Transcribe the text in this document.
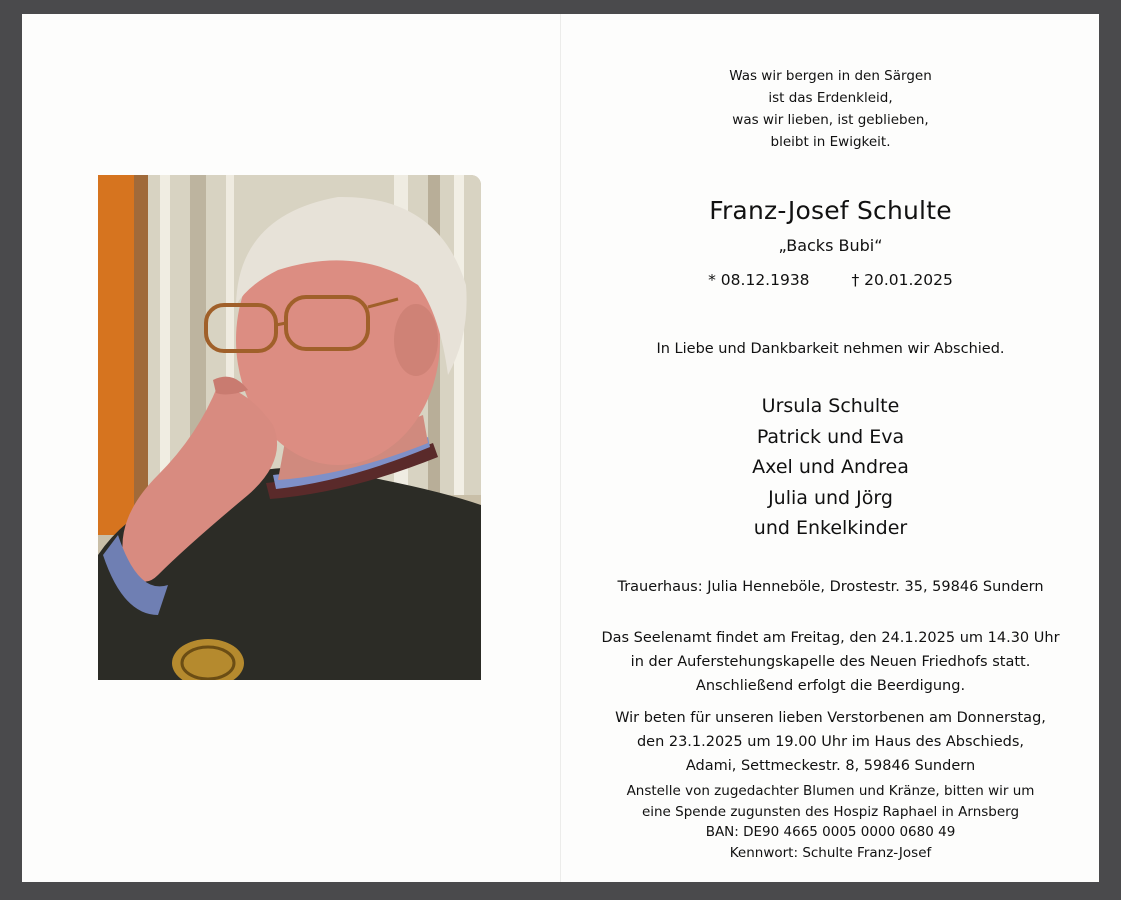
Was wir bergen in den Särgen
ist das Erdenkleid,
was wir lieben, ist geblieben,
bleibt in Ewigkeit.
Franz-Josef Schulte
„Backs Bubi“
* 08.12.1938	† 20.01.2025
In Liebe und Dankbarkeit nehmen wir Abschied.
Ursula Schulte
Patrick und Eva
Axel und Andrea
Julia und Jörg
und Enkelkinder
Trauerhaus: Julia Henneböle, Drostestr. 35, 59846 Sundern
Das Seelenamt findet am Freitag, den 24.1.2025 um 14.30 Uhr
in der Auferstehungskapelle des Neuen Friedhofs statt.
Anschließend erfolgt die Beerdigung.
Wir beten für unseren lieben Verstorbenen am Donnerstag,
den 23.1.2025 um 19.00 Uhr im Haus des Abschieds,
Adami, Settmeckestr. 8, 59846 Sundern
Anstelle von zugedachter Blumen und Kränze, bitten wir um
eine Spende zugunsten des Hospiz Raphael in Arnsberg
BAN: DE90 4665 0005 0000 0680 49
Kennwort: Schulte Franz-Josef
